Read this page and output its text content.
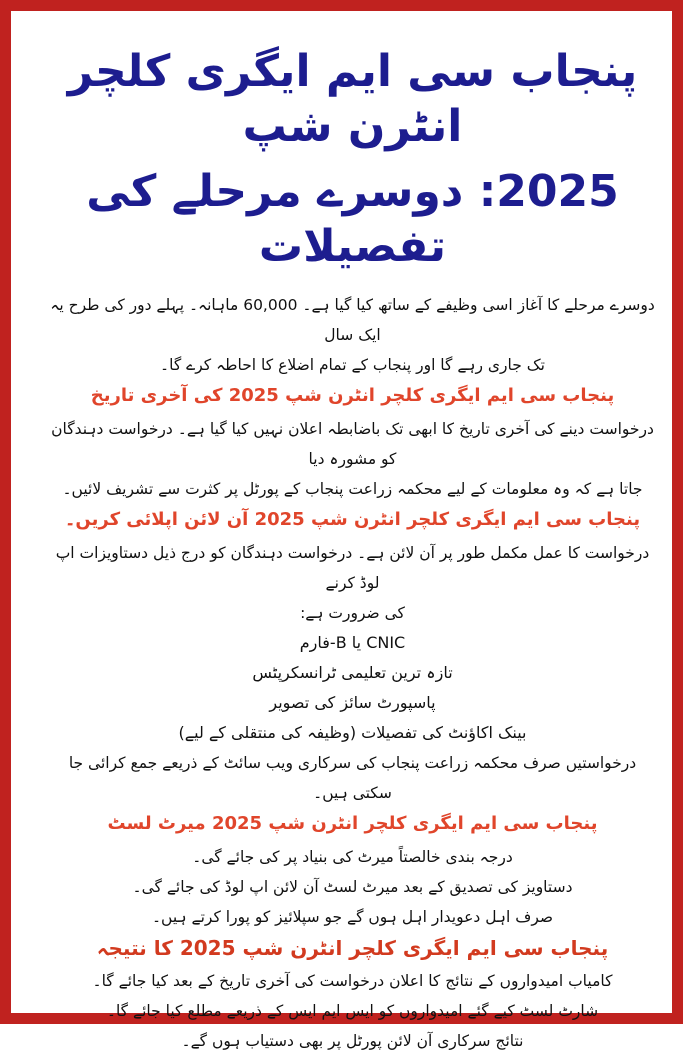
پنجاب سی ایم ایگری کلچر انٹرن شپ
2025: دوسرے مرحلے کی تفصیلات

دوسرے مرحلے کا آغاز اسی وظیفے کے ساتھ کیا گیا ہے۔ 60,000 ماہانہ۔ پہلے دور کی طرح یہ ایک سال

تک جاری رہے گا اور پنجاب کے تمام اضلاع کا احاطہ کرے گا۔

پنجاب سی ایم ایگری کلچر انٹرن شپ 2025 کی آخری تاریخ

درخواست دینے کی آخری تاریخ کا ابھی تک باضابطہ اعلان نہیں کیا گیا ہے۔ درخواست دہندگان کو مشورہ دیا

جاتا ہے کہ وہ معلومات کے لیے محکمہ زراعت پنجاب کے پورٹل پر کثرت سے تشریف لائیں۔

پنجاب سی ایم ایگری کلچر انٹرن شپ 2025 آن لائن اپلائی کریں۔

درخواست کا عمل مکمل طور پر آن لائن ہے۔ درخواست دہندگان کو درج ذیل دستاویزات اپ لوڈ کرنے

کی ضرورت ہے:

CNIC یا B-فارم
تازہ ترین تعلیمی ٹرانسکرپٹس
پاسپورٹ سائز کی تصویر
بینک اکاؤنٹ کی تفصیلات (وظیفہ کی منتقلی کے لیے)

درخواستیں صرف محکمہ زراعت پنجاب کی سرکاری ویب سائٹ کے ذریعے جمع کرائی جا سکتی ہیں۔

پنجاب سی ایم ایگری کلچر انٹرن شپ 2025 میرٹ لسٹ

درجہ بندی خالصتاً میرٹ کی بنیاد پر کی جائے گی۔

دستاویز کی تصدیق کے بعد میرٹ لسٹ آن لائن اپ لوڈ کی جائے گی۔

صرف اہل دعویدار اہل ہوں گے جو سپلائیز کو پورا کرتے ہیں۔

پنجاب سی ایم ایگری کلچر انٹرن شپ 2025 کا نتیجہ

کامیاب امیدواروں کے نتائج کا اعلان درخواست کی آخری تاریخ کے بعد کیا جائے گا۔

شارٹ لسٹ کیے گئے امیدواروں کو ایس ایم ایس کے ذریعے مطلع کیا جائے گا۔

نتائج سرکاری آن لائن پورٹل پر بھی دستیاب ہوں گے۔
